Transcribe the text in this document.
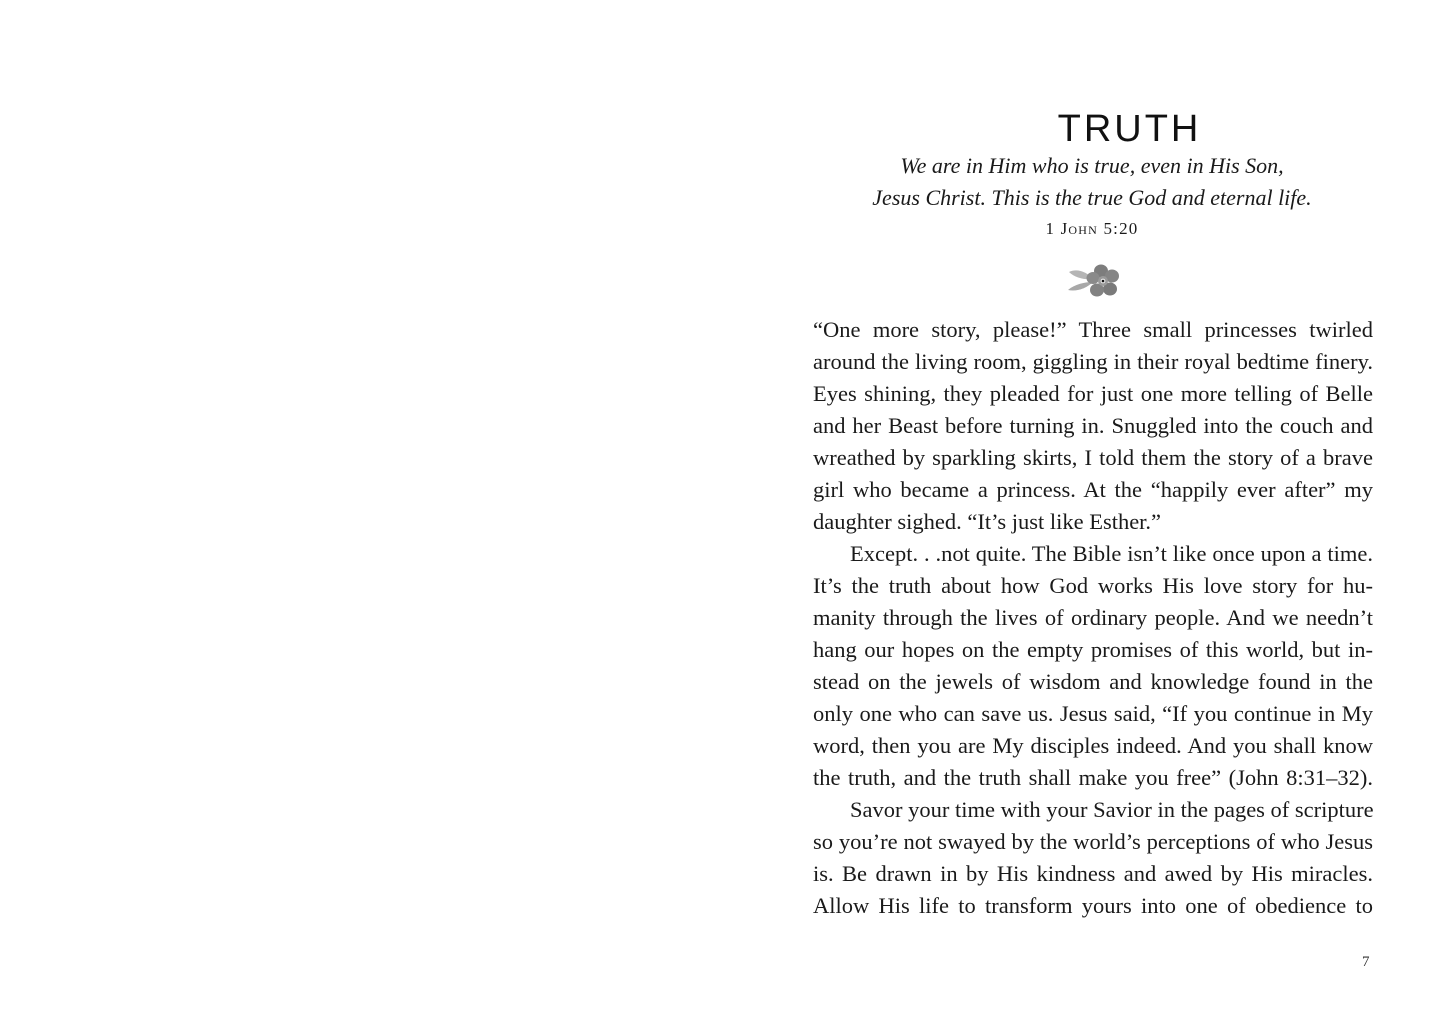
TRUTH
We are in Him who is true, even in His Son,
Jesus Christ. This is the true God and eternal life.
1 John 5:20
“One more story, please!” Three small princesses twirled
around the living room, giggling in their royal bedtime finery.
Eyes shining, they pleaded for just one more telling of Belle
and her Beast before turning in. Snuggled into the couch and
wreathed by sparkling skirts, I told them the story of a brave
girl who became a princess. At the “happily ever after” my
daughter sighed. “It’s just like Esther.”
Except. . .not quite. The Bible isn’t like once upon a time.
It’s the truth about how God works His love story for hu-
manity through the lives of ordinary people. And we needn’t
hang our hopes on the empty promises of this world, but in-
stead on the jewels of wisdom and knowledge found in the
only one who can save us. Jesus said, “If you continue in My
word, then you are My disciples indeed. And you shall know
the truth, and the truth shall make you free” (John 8:31–32).
Savor your time with your Savior in the pages of scripture
so you’re not swayed by the world’s perceptions of who Jesus
is. Be drawn in by His kindness and awed by His miracles.
Allow His life to transform yours into one of obedience to
7
